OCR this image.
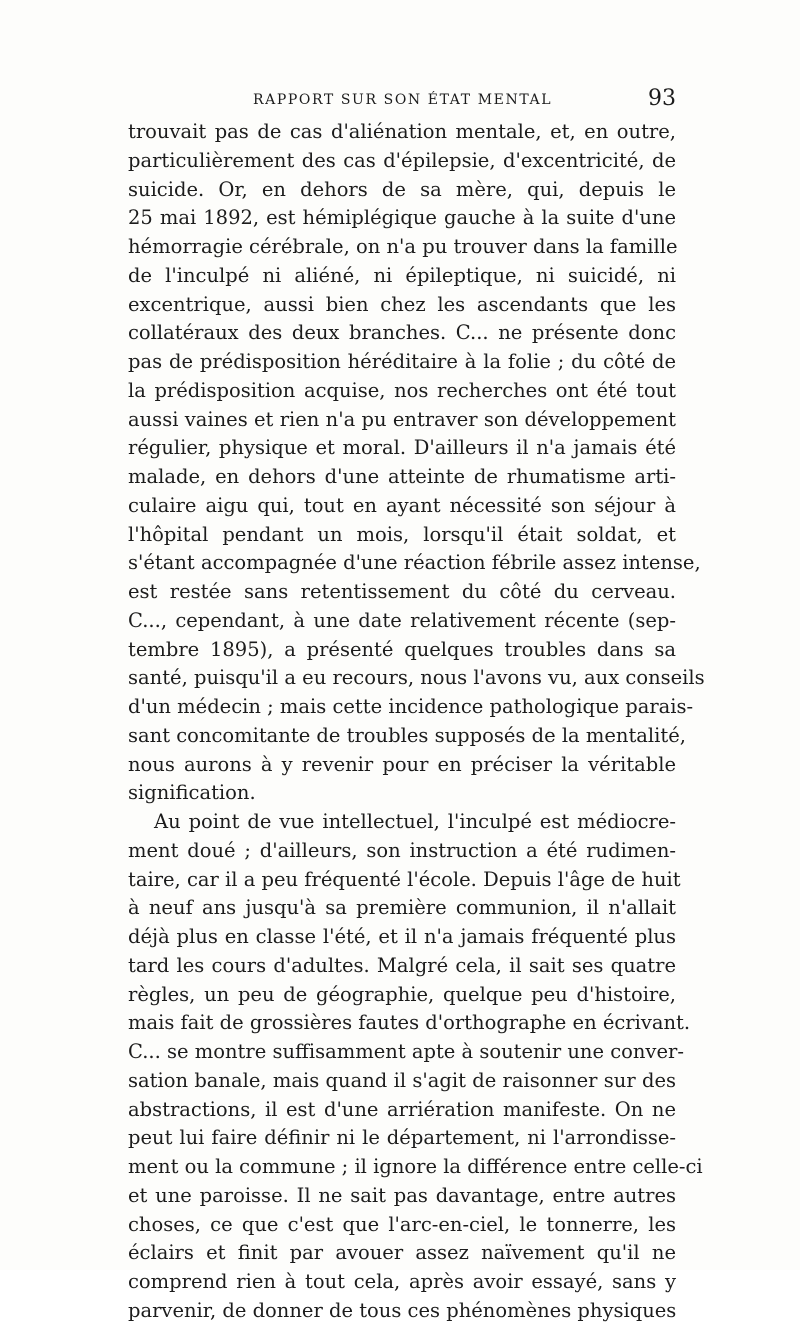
RAPPORT SUR SON ÉTAT MENTAL	93
trouvait pas de cas d'aliénation mentale, et, en outre,
particulièrement des cas d'épilepsie, d'excentricité, de
suicide. Or, en dehors de sa mère, qui, depuis le
25 mai 1892, est hémiplégique gauche à la suite d'une
hémorragie cérébrale, on n'a pu trouver dans la famille
de l'inculpé ni aliéné, ni épileptique, ni suicidé, ni
excentrique, aussi bien chez les ascendants que les
collatéraux des deux branches. C... ne présente donc
pas de prédisposition héréditaire à la folie ; du côté de
la prédisposition acquise, nos recherches ont été tout
aussi vaines et rien n'a pu entraver son développement
régulier, physique et moral. D'ailleurs il n'a jamais été
malade, en dehors d'une atteinte de rhumatisme arti-
culaire aigu qui, tout en ayant nécessité son séjour à
l'hôpital pendant un mois, lorsqu'il était soldat, et
s'étant accompagnée d'une réaction fébrile assez intense,
est restée sans retentissement du côté du cerveau.
C..., cependant, à une date relativement récente (sep-
tembre 1895), a présenté quelques troubles dans sa
santé, puisqu'il a eu recours, nous l'avons vu, aux conseils
d'un médecin ; mais cette incidence pathologique parais-
sant concomitante de troubles supposés de la mentalité,
nous aurons à y revenir pour en préciser la véritable
signification.
Au point de vue intellectuel, l'inculpé est médiocre-
ment doué ; d'ailleurs, son instruction a été rudimen-
taire, car il a peu fréquenté l'école. Depuis l'âge de huit
à neuf ans jusqu'à sa première communion, il n'allait
déjà plus en classe l'été, et il n'a jamais fréquenté plus
tard les cours d'adultes. Malgré cela, il sait ses quatre
règles, un peu de géographie, quelque peu d'histoire,
mais fait de grossières fautes d'orthographe en écrivant.
C... se montre suffisamment apte à soutenir une conver-
sation banale, mais quand il s'agit de raisonner sur des
abstractions, il est d'une arriération manifeste. On ne
peut lui faire définir ni le département, ni l'arrondisse-
ment ou la commune ; il ignore la différence entre celle-ci
et une paroisse. Il ne sait pas davantage, entre autres
choses, ce que c'est que l'arc-en-ciel, le tonnerre, les
éclairs et finit par avouer assez naïvement qu'il ne
comprend rien à tout cela, après avoir essayé, sans y
parvenir, de donner de tous ces phénomènes physiques
